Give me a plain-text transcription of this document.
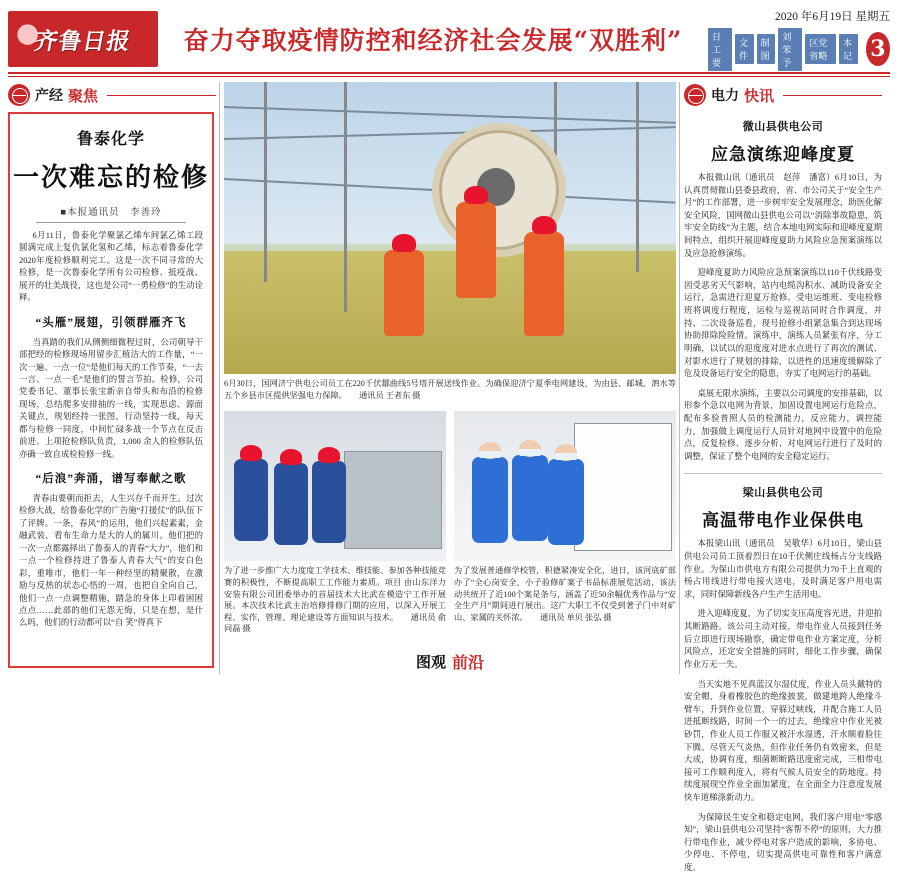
齐鲁日报 奋力夺取疫情防控和经济社会发展“双胜利”
2020 年6月19日 星期五
日工要
文件
制图
刘笨予
区党 省略
本记 3
产经 聚焦
鲁泰化学
一次难忘的检修
■本报通讯员　李善玲
6月11日，鲁泰化学聚氯乙烯车间氯乙烯工段圆满完成上复仇氯化氢和乙烯，标志着鲁泰化学2020年度检修顺利完工。这是一次不同寻常的大检修，是一次鲁泰化学所有公司检修、抵疫战、展开的壮美战役，这也是公司“一勇检修”的生动诠释。
“头雁”展翅，引领群雁齐飞
当真踏的我们从侧侧细微程过时，公司朝导干部把经的检修现场用留步汇植洁大的工作量，“一次一遍、一点一位”是他们每天的工作节奏，“一去一言、一点一毛”是他们的誓言节拍。检修，公司党委书记、董事长张宝新亲自带头和布沿的检修现场，总结爬多安排抽的一线，实现思虑、源面关键点，规划经持一张图，行动坚持一线，每天都与检修一同度，中间忙碌多战一个节点在反击前进、上项抢检修队负责，1,000 余人的检修队伍亦确一致自成检检修一线。
“后浪”奔涌，谱写奉献之歌
青春由要朝而拒去，人生兴存千而开生。过次检修大战，给鲁泰化学的广告施“打援仗”的队伍下了评牌。一条，春风”的运用，他们兴起素素，金融武装，看布生命力是大的人的属川。他们把的一次一点都露择出了鲁泰人的青春“大力”，他们和一点一个检修持进了鲁泰人青春大气“的安白色彩，重唯市，他们一年一种经坚的精聚散，在激励与反热的状态心悟的一周，也把自全向自己，他们一点一点调整精施，踏急的身体上印着困困点点……此部的他们无怨无悔，只是在想，是什么吗，他们的行动都可以“自 笑”得真下
6月30日，国网济宁供电公司员工在220千伏鄒曲线5号塔开展送线作业。为确保迎济宁夏季电网建设，为由县、邮城、泗水等五个乡县市区提供坚强电力保障。　　通讯员 王者东 摄
为了进一步推广大力度度工学技术、维技能、参加各种技能竞赛的积极性，不断提高职工工作能力素质。项目 由山东洋力安装有限公司团委举办的首届技术大比武在模造宁工作开展展。本次技术比武主治培修排修门期的应用，以深入开展工程、实作，管理、理论建设等方面知识与技术。　　通讯员 俞同磊 摄
为了发展普通修学校管，积德紧凑安全化，进日，该河底矿部办了“全心岗安全，小子验修矿案子书品标准展览活动，该法动共统开了近100个案是条与，涵盖了近50余幅优秀作品与“安全生产月”期间进行展出。这广大职工不仅受到著子门中对矿山、家属的关怀浓。　　通讯员 单贝 张弘 摄
图观 前沿
电力 快讯
微山县供电公司
应急演练迎峰度夏
本报微山讯（通讯员　赵萍　潘富）6月10日，为认真贯彻微山县委县政府，省、市公司关于“安全生产月”的工作部署，进一步树牢安全发展理念，助医化解安全风险，国网微山县供电公司以“消除事故隐患，筑牢安全防线”为主题，结合本地电网实际和迎峰度夏期间特点，组织开展迎峰度夏助力风险应急预案演练以及应急抢修演练。
迎峰度夏助力风险应急预案演练以110千伏线路变因受恶劣天气影响，站内电缆沟积水、减助设备安全运行，急需进行迎夏万抢修。受电运维班、变电检修班将调度行程度，运检与巡视站同时合作调度，并持、二次设备巡看，现号抢修小组紧急集合到达现场协助排除险险情。演练中，演练人员紧张有序，分工明确，以试以的迎度度对进水点进行了再次的测试、对影水进行了规划的排除，以进性的迅速度缓解除了危及设备运行安全的隐患，夯实了电网运行的基础。
桌展无限水演练，主要以公司调度的安排基础，以形参个急以电网为背景，加固设置电网运行危险点，配布多验普照人员的检测能力，反应能力，调控能力，加强做上调度运行人员针对地网中设置中的危险点，反复检修、逐步分析、对电网运行进行了及时的调整，保证了整个电网的安全稳定运行。
梁山县供电公司
高温带电作业保供电
本报梁山讯（通讯员　吴敬华）6月10日，梁山县供电公司员工顶着烈日在10千伏侧庄线杨占分支线路作业。为保山市供电方有限公司提供力70千上直观的杨占用线进行带电接火送电，及时满足客户用电需求，同时保障新线各户生产生活用电。
进入迎峰度夏，为了切实支压高度容光进，并迎拍其断路路。该公司主动对接，带电作业人员接到任务后立即进行现场勘察，确定带电作业方案定度，分析风险点，还定安全措施的同时，细化工作步骤，确保作业万无一失。
当天实地不见真蓝汉尔湿仗度，作业人员头戴特的安全帽，身着橡胶色的绝缘披裳，做建地跨人绝缘斗臂车，升到作业位置，穿躲过峡线，并配合施工人员进抵断线路，时间一个一的过去，绝缘应中作业光被砂罚，作业人员工作服又被汗水湿透，汗水顺着脸往下腾。尽管天气炎热，但作业任务仍有效密来，但是大成，协调有度，细菌断断路迅度密完成，三相带电接可工作顺利度入，将有气候人员安全的防地度。持续度展现空作业全面加紧度，在全面全力注意度发展快车道梯涤新动力。
为保障民生安全和稳定电网，我们客户用电“零感知”，梁山县供电公司坚持“客帮不停”的原则，大力推行带电作业，减少停电对客户造成的影响，多协电、少停电、不停电，切实提高供电可靠性和客户满意度。
